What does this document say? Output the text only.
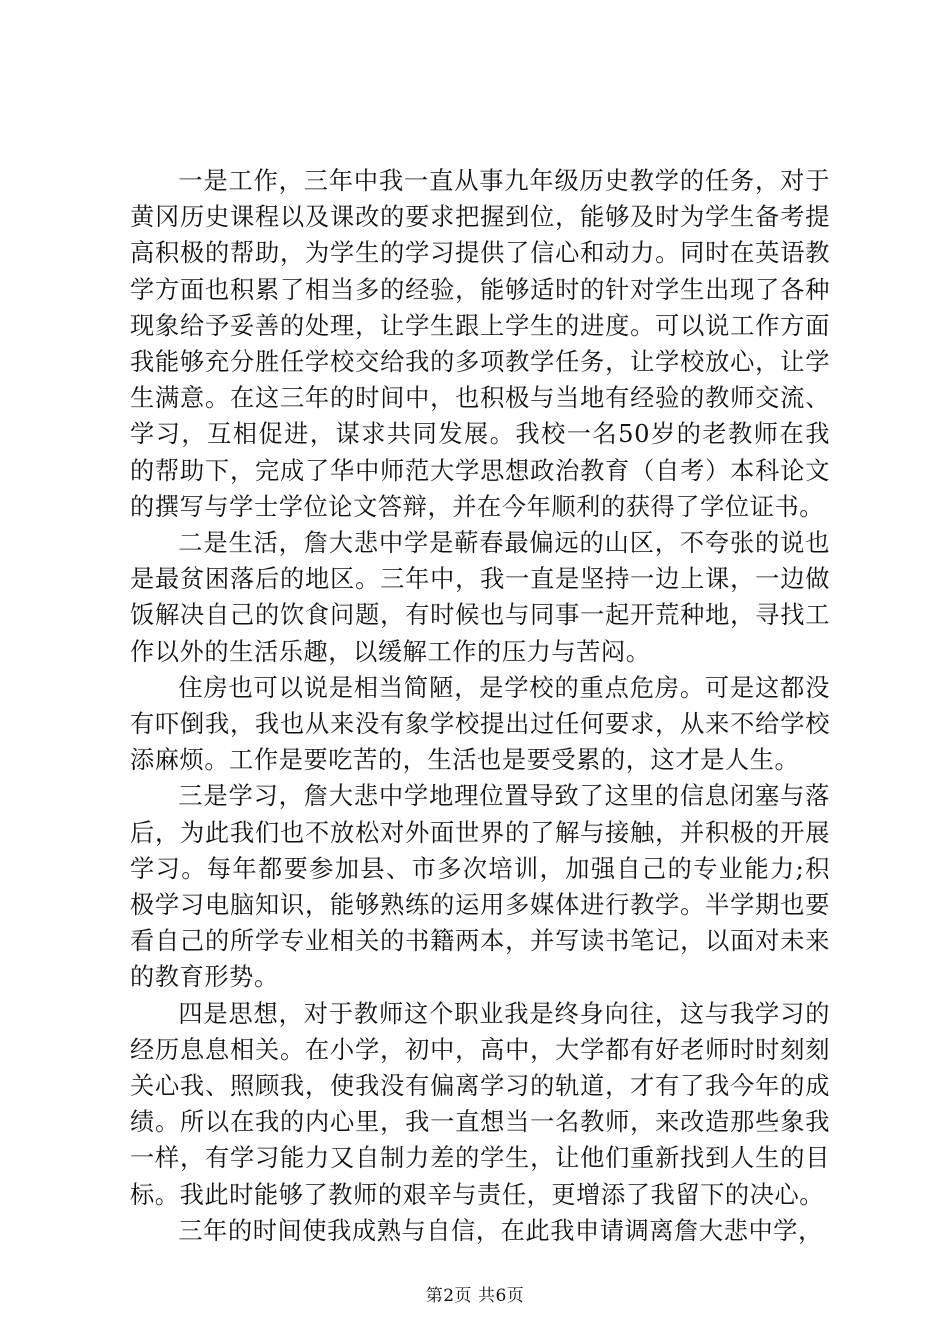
一是工作，三年中我一直从事九年级历史教学的任务，对于黄冈历史课程以及课改的要求把握到位，能够及时为学生备考提高积极的帮助，为学生的学习提供了信心和动力。同时在英语教学方面也积累了相当多的经验，能够适时的针对学生出现了各种现象给予妥善的处理，让学生跟上学生的进度。可以说工作方面我能够充分胜任学校交给我的多项教学任务，让学校放心，让学生满意。在这三年的时间中，也积极与当地有经验的教师交流、学习，互相促进，谋求共同发展。我校一名50岁的老教师在我的帮助下，完成了华中师范大学思想政治教育（自考）本科论文的撰写与学士学位论文答辩，并在今年顺利的获得了学位证书。

二是生活，詹大悲中学是蕲春最偏远的山区，不夸张的说也是最贫困落后的地区。三年中，我一直是坚持一边上课，一边做饭解决自己的饮食问题，有时候也与同事一起开荒种地，寻找工作以外的生活乐趣，以缓解工作的压力与苦闷。

住房也可以说是相当简陋，是学校的重点危房。可是这都没有吓倒我，我也从来没有象学校提出过任何要求，从来不给学校添麻烦。工作是要吃苦的，生活也是要受累的，这才是人生。

三是学习，詹大悲中学地理位置导致了这里的信息闭塞与落后，为此我们也不放松对外面世界的了解与接触，并积极的开展学习。每年都要参加县、市多次培训，加强自己的专业能力;积极学习电脑知识，能够熟练的运用多媒体进行教学。半学期也要看自己的所学专业相关的书籍两本，并写读书笔记，以面对未来的教育形势。

四是思想，对于教师这个职业我是终身向往，这与我学习的经历息息相关。在小学，初中，高中，大学都有好老师时时刻刻关心我、照顾我，使我没有偏离学习的轨道，才有了我今年的成绩。所以在我的内心里，我一直想当一名教师，来改造那些象我一样，有学习能力又自制力差的学生，让他们重新找到人生的目标。我此时能够了教师的艰辛与责任，更增添了我留下的决心。

三年的时间使我成熟与自信，在此我申请调离詹大悲中学，

第2页 共6页
